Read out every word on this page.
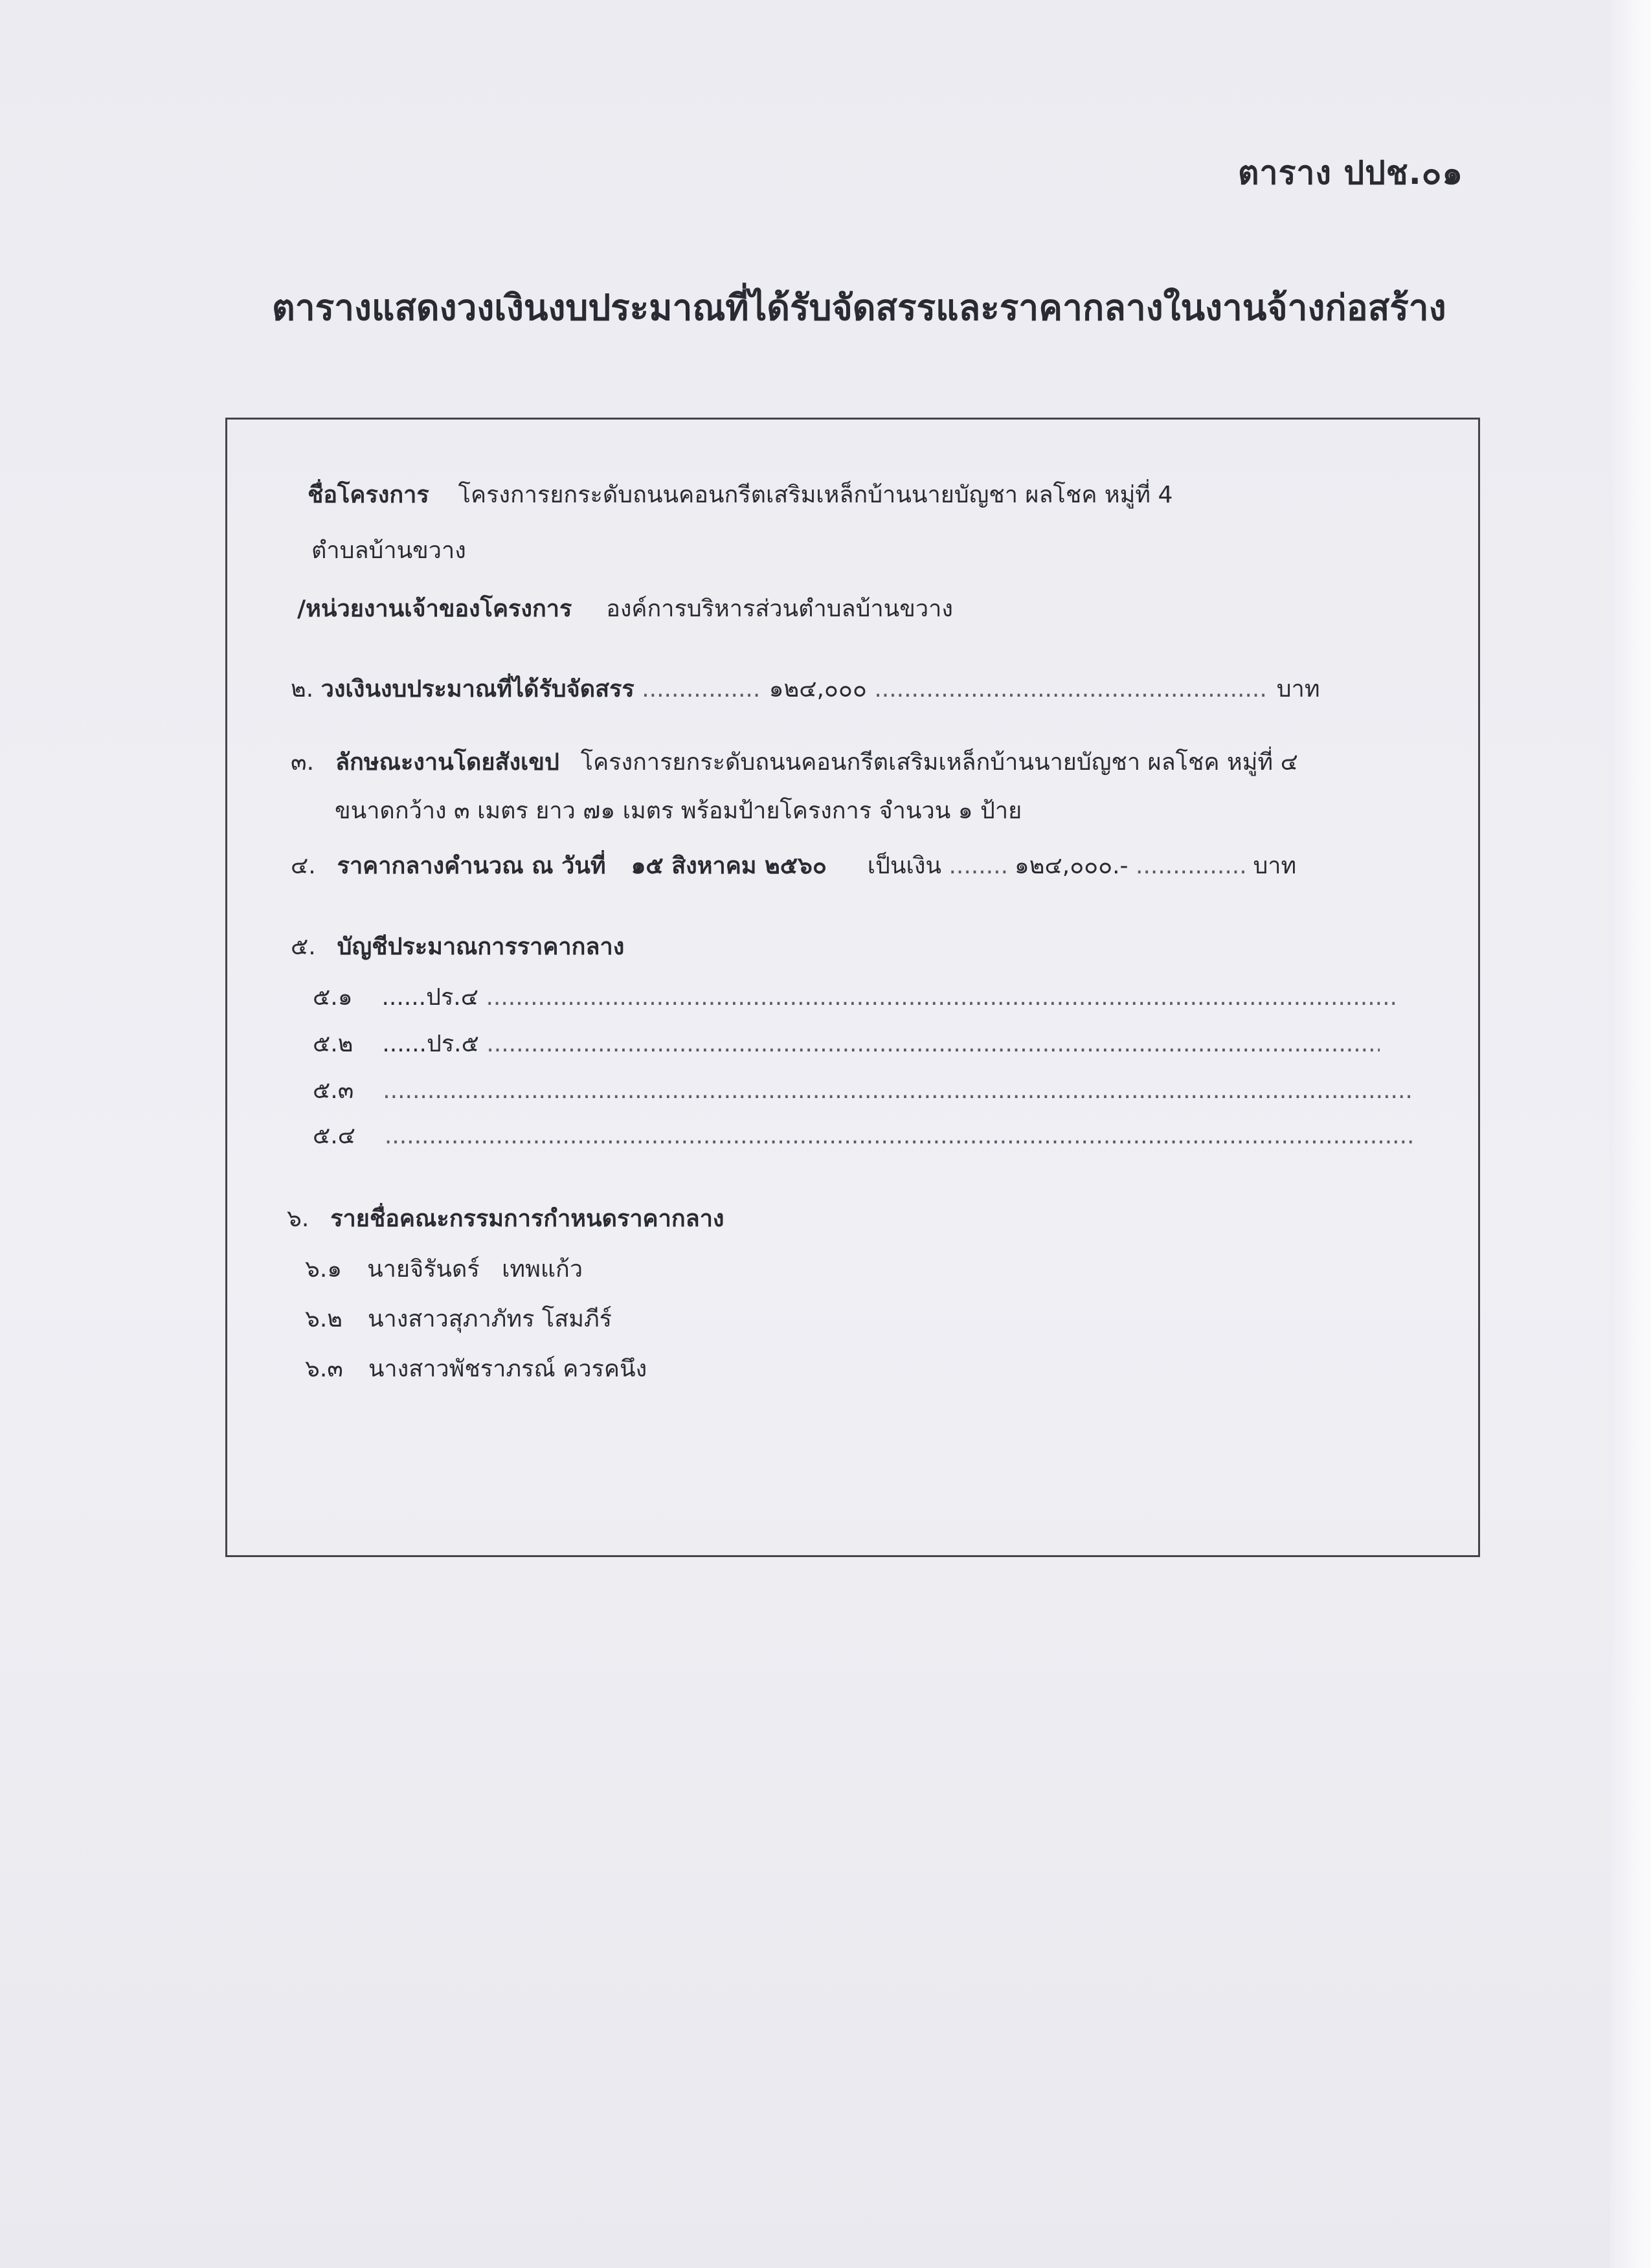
ตาราง ปปช.๐๑
ตารางแสดงวงเงินงบประมาณที่ได้รับจัดสรรและราคากลางในงานจ้างก่อสร้าง
ชื่อโครงการ โครงการยกระดับถนนคอนกรีตเสริมเหล็กบ้านนายบัญชา ผลโชค หมู่ที่ 4
ตำบลบ้านขวาง
/หน่วยงานเจ้าของโครงการ องค์การบริหารส่วนตำบลบ้านขวาง
๒. วงเงินงบประมาณที่ได้รับจัดสรร .....	๑๒๔,๐๐๐ .....	บาท
๓. ลักษณะงานโดยสังเขป โครงการยกระดับถนนคอนกรีตเสริมเหล็กบ้านนายบัญชา ผลโชค หมู่ที่ ๔
ขนาดกว้าง ๓ เมตร ยาว ๗๑ เมตร พร้อมป้ายโครงการ จำนวน ๑ ป้าย
๔. ราคากลางคำนวณ ณ วันที่ ๑๕ สิงหาคม ๒๕๖๐ เป็นเงิน .....	๑๒๔,๐๐๐.- .....	บาท
๕. บัญชีประมาณการราคากลาง
๕.๑ ......ปร.๔ .....
๕.๒ ......ปร.๕ .....
๕.๓  .....
๕.๔  .....
๖. รายชื่อคณะกรรมการกำหนดราคากลาง
๖.๑ นายจิรันดร์   เทพแก้ว
๖.๒ นางสาวสุภาภัทร โสมภีร์
๖.๓ นางสาวพัชราภรณ์ ควรคนึง
